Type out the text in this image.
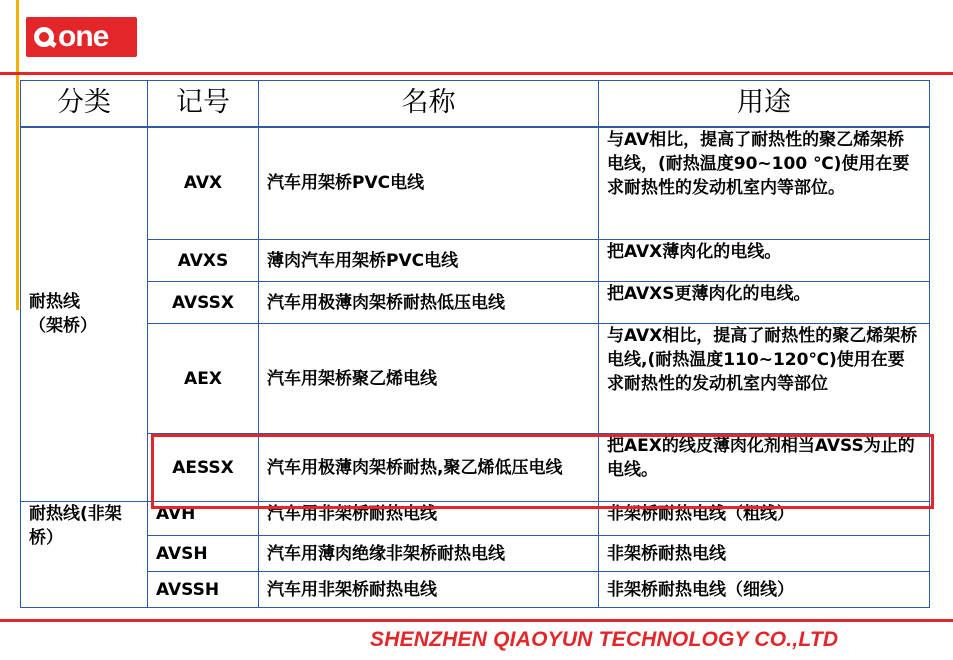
one
分类	记号	名称	用途
耐热线
（架桥）	AVX	汽车用架桥PVC电线	与AV相比，提高了耐热性的聚乙烯架桥电线，(耐热温度90~100 ℃)使用在要求耐热性的发动机室内等部位。
	AVXS	薄肉汽车用架桥PVC电线	把AVX薄肉化的电线。
	AVSSX	汽车用极薄肉架桥耐热低压电线	把AVXS更薄肉化的电线。
	AEX	汽车用架桥聚乙烯电线	与AVX相比，提高了耐热性的聚乙烯架桥电线,(耐热温度110~120℃)使用在要求耐热性的发动机室内等部位
	AESSX	汽车用极薄肉架桥耐热,聚乙烯低压电线	把AEX的线皮薄肉化剂相当AVSS为止的电线。
耐热线(非架桥）	AVH	汽车用非架桥耐热电线	非架桥耐热电线（粗线）
	AVSH	汽车用薄肉绝缘非架桥耐热电线	非架桥耐热电线
	AVSSH	汽车用非架桥耐热电线	非架桥耐热电线（细线）
SHENZHEN QIAOYUN TECHNOLOGY CO.,LTD
